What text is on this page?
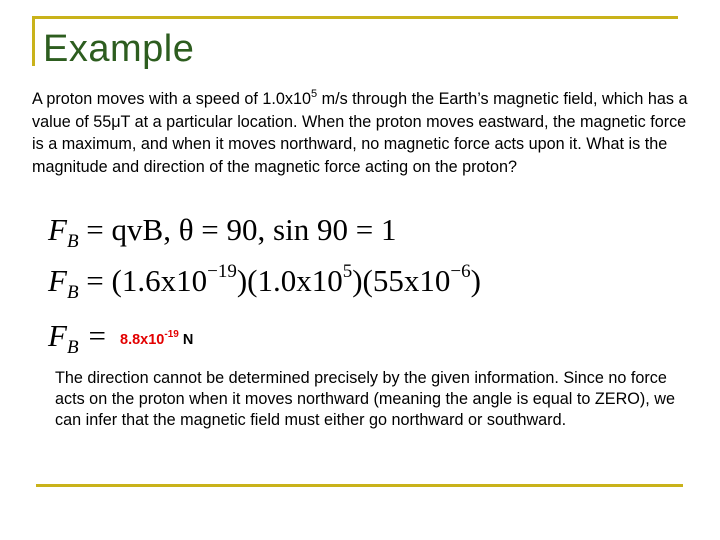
Example
A proton moves with a speed of $1.0x10^5$ m/s through the Earth’s magnetic field, which has a value of 55μT at a particular location. When the proton moves eastward, the magnetic force is a maximum, and when it moves northward, no magnetic force acts upon it. What is the magnitude and direction of the magnetic force acting on the proton?
$F_B$ = qvB, θ = 90, sin 90 = 1
$F_B = (1.6x10^{-19})(1.0x10^5)(55x10^{-6})$
$F_B = 8.8x10^{-19}$ N
The direction cannot be determined precisely by the given information. Since no force acts on the proton when it moves northward (meaning the angle is equal to ZERO), we can infer that the magnetic field must either go northward or southward.
